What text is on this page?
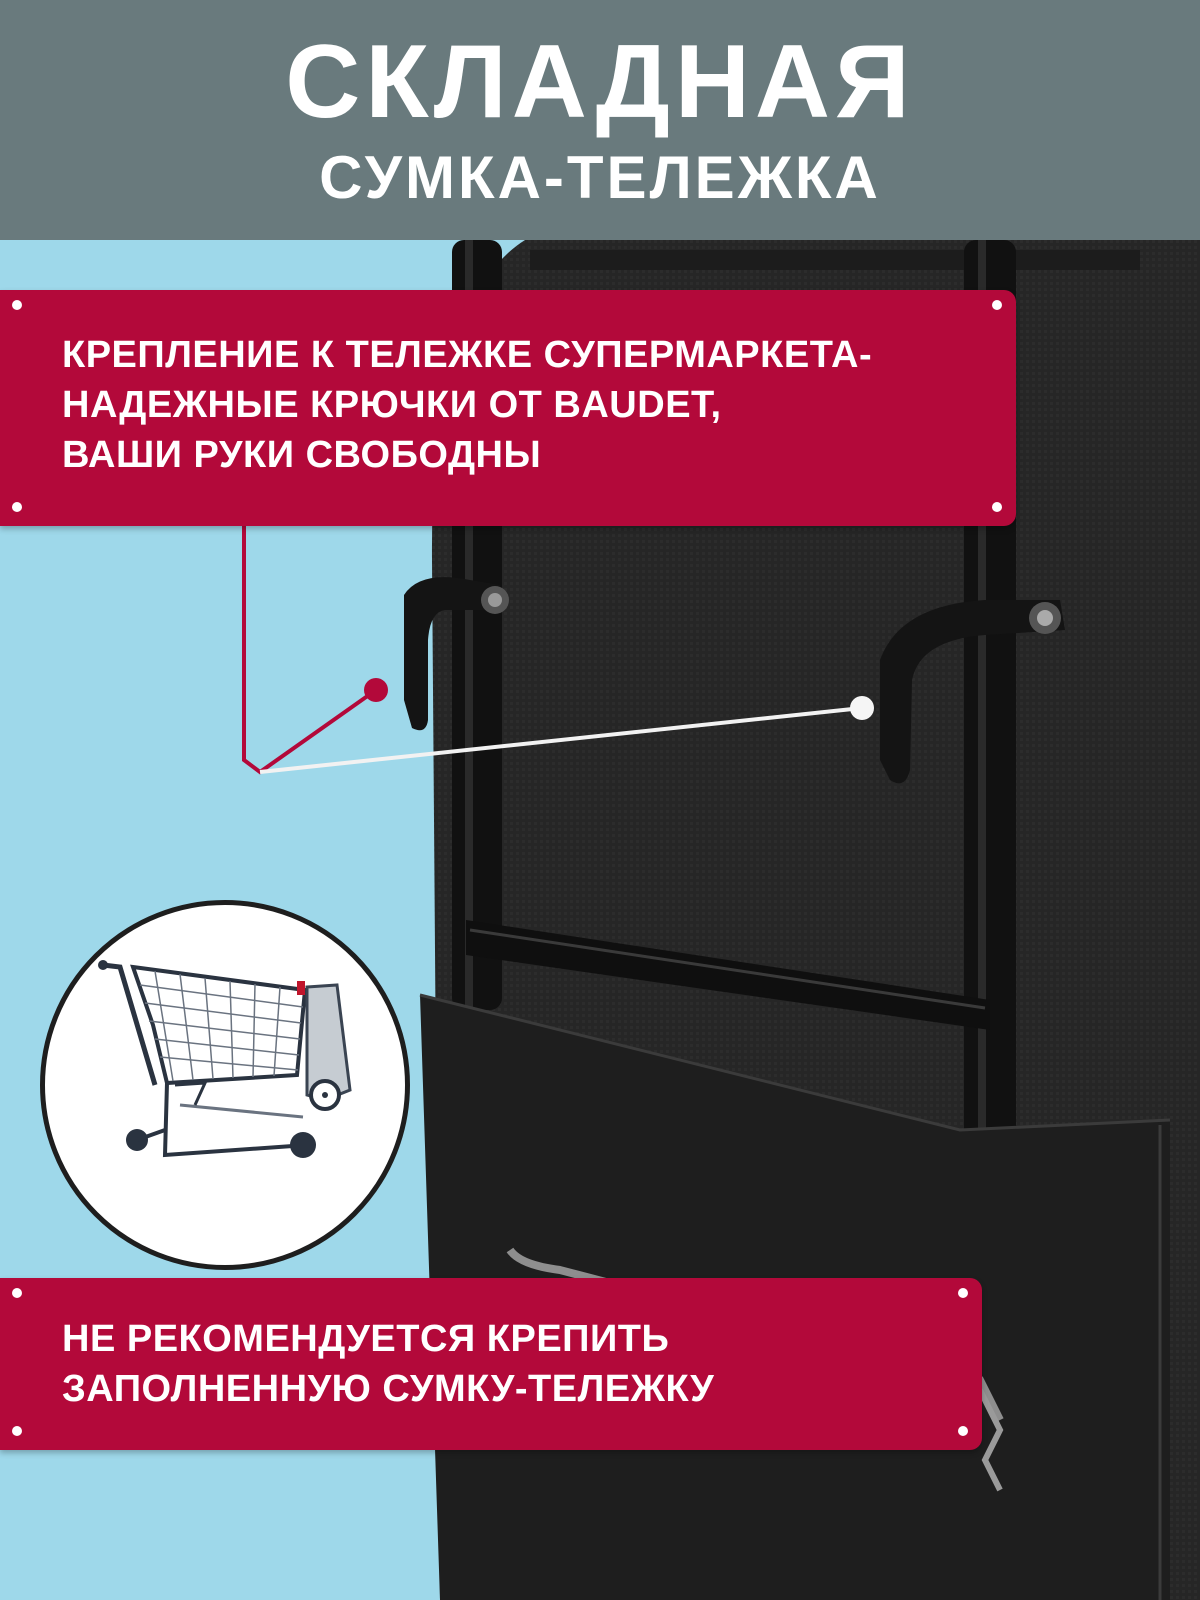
СКЛАДНАЯ
СУМКА-ТЕЛЕЖКА
КРЕПЛЕНИЕ К ТЕЛЕЖКЕ СУПЕРМАРКЕТА-
НАДЕЖНЫЕ КРЮЧКИ ОТ BAUDET,
ВАШИ РУКИ СВОБОДНЫ
НЕ РЕКОМЕНДУЕТСЯ КРЕПИТЬ
ЗАПОЛНЕННУЮ СУМКУ-ТЕЛЕЖКУ
